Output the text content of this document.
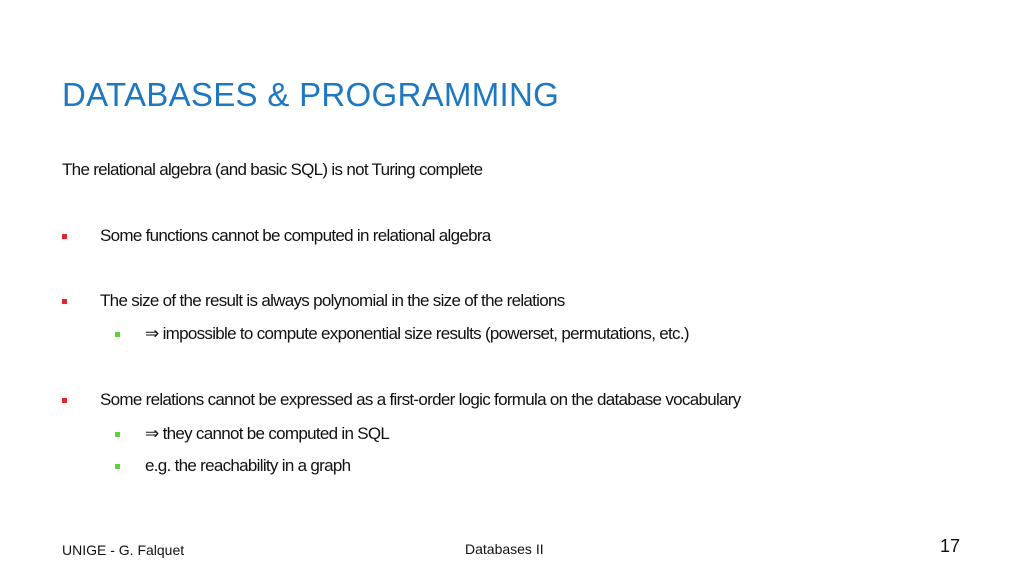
DATABASES & PROGRAMMING
The relational algebra (and basic SQL) is not Turing complete
Some functions cannot be computed in relational algebra
The size of the result is always polynomial in the size of the relations
⇒ impossible to compute exponential size results (powerset, permutations, etc.)
Some relations cannot be expressed as a first-order logic formula on the database vocabulary
⇒ they cannot be computed in SQL
e.g. the reachability in a graph
UNIGE - G. Falquet	Databases II	17
